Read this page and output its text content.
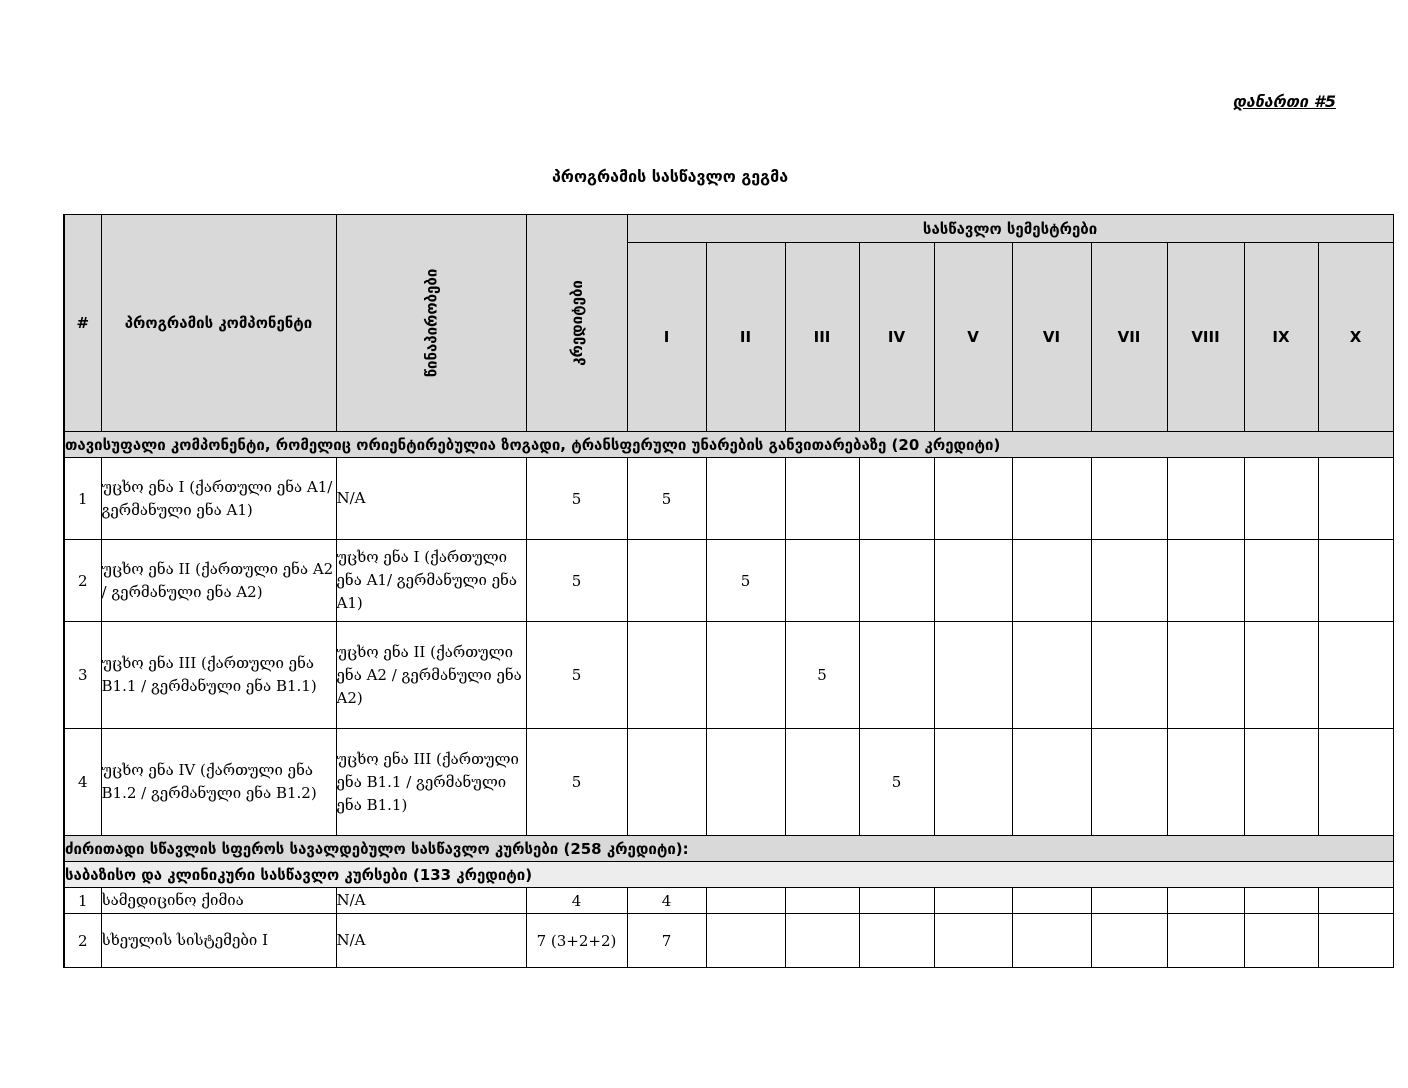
დანართი #5
პროგრამის სასწავლო გეგმა
#	პროგრამის კომპონენტი	წინაპირობები	კრედიტები	სასწავლო სემესტრები									
				I	II	III	IV	V	VI	VII	VIII	IX	X
თავისუფალი კომპონენტი, რომელიც ორიენტირებულია ზოგადი, ტრანსფერული უნარების განვითარებაზე (20 კრედიტი)													
1	უცხო ენა I (ქართული ენა A1/ გერმანული ენა A1)	N/A	5	5									
2	უცხო ენა II (ქართული ენა A2 / გერმანული ენა A2)	უცხო ენა I (ქართული ენა A1/ გერმანული ენა A1)	5		5								
3	უცხო ენა III (ქართული ენა B1.1 / გერმანული ენა B1.1)	უცხო ენა II (ქართული ენა A2 / გერმანული ენა A2)	5			5							
4	უცხო ენა IV (ქართული ენა B1.2 / გერმანული ენა B1.2)	უცხო ენა III (ქართული ენა B1.1 / გერმანული ენა B1.1)	5				5						
ძირითადი სწავლის სფეროს სავალდებულო სასწავლო კურსები (258 კრედიტი):													
საბაზისო და კლინიკური სასწავლო კურსები (133 კრედიტი)													
1	სამედიცინო ქიმია	N/A	4	4									
2	სხეულის სისტემები I	N/A	7 (3+2+2)	7									
